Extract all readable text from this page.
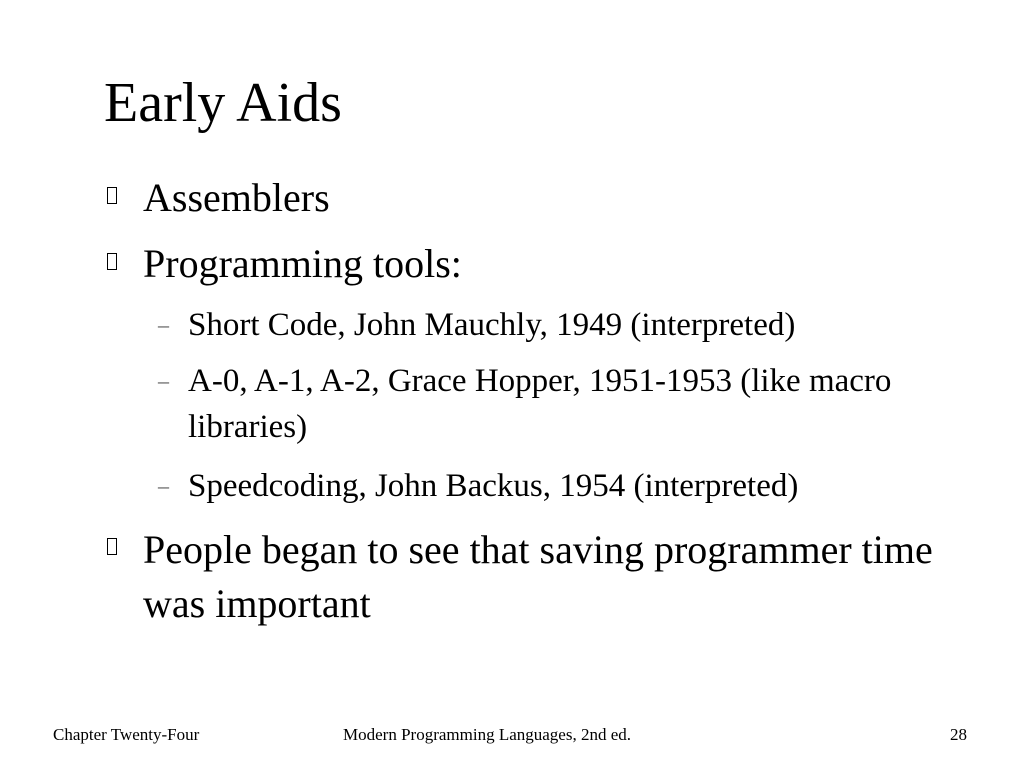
Early Aids
Assemblers
Programming tools:
– Short Code, John Mauchly, 1949 (interpreted)
– A-0, A-1, A-2, Grace Hopper, 1951-1953 (like macro libraries)
– Speedcoding, John Backus, 1954 (interpreted)
People began to see that saving programmer time was important
Chapter Twenty-Four	Modern Programming Languages, 2nd ed.	28
